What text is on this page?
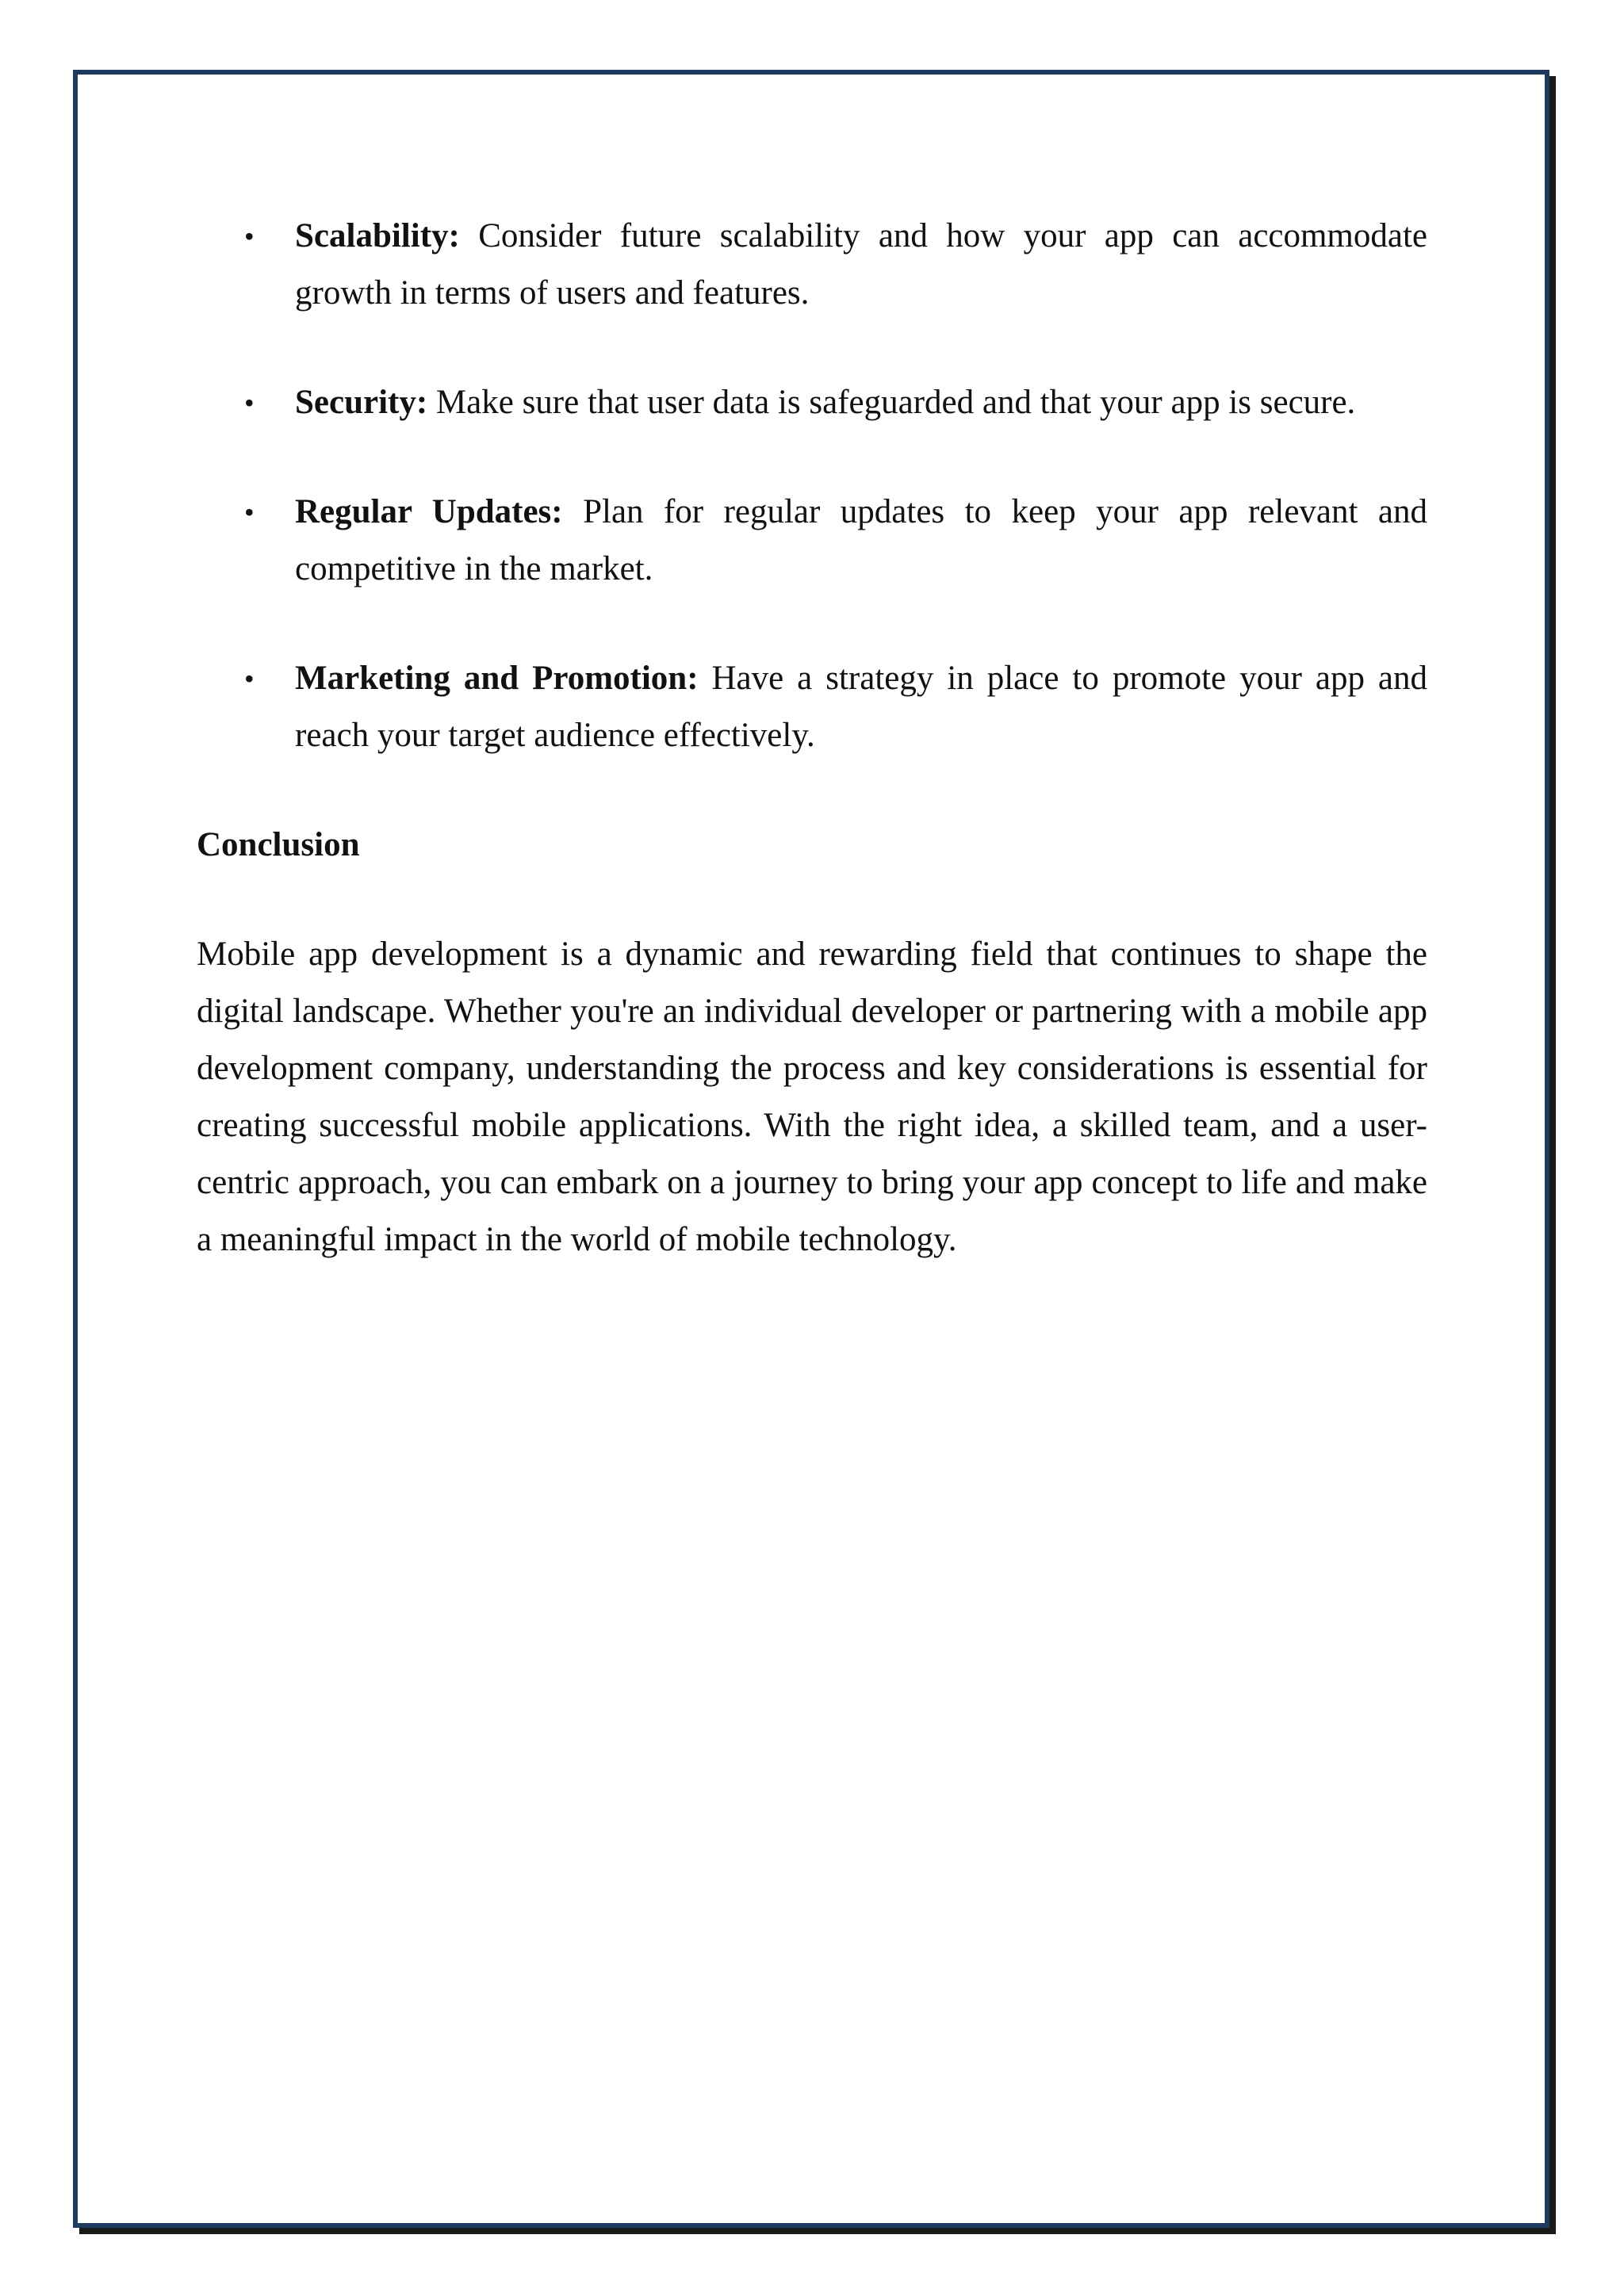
• Scalability: Consider future scalability and how your app can accommodate growth in terms of users and features.
• Security: Make sure that user data is safeguarded and that your app is secure.
• Regular Updates: Plan for regular updates to keep your app relevant and competitive in the market.
• Marketing and Promotion: Have a strategy in place to promote your app and reach your target audience effectively.
Conclusion

Mobile app development is a dynamic and rewarding field that continues to shape the digital landscape. Whether you're an individual developer or partnering with a mobile app development company, understanding the process and key considerations is essential for creating successful mobile applications. With the right idea, a skilled team, and a user-centric approach, you can embark on a journey to bring your app concept to life and make a meaningful impact in the world of mobile technology.
